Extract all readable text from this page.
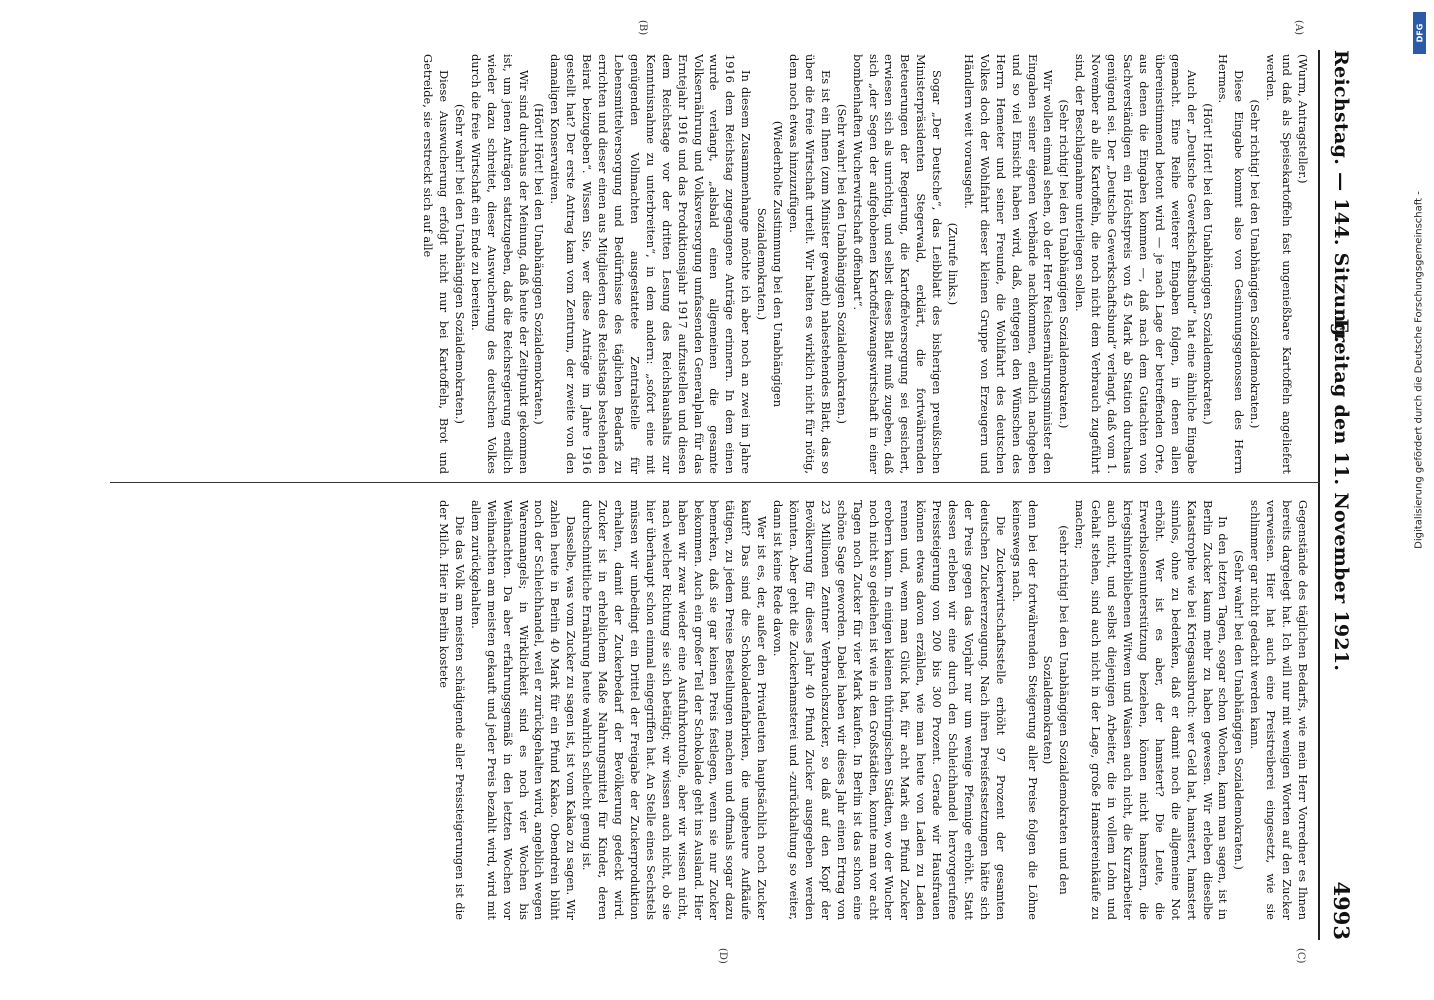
DFG
Digitalisierung gefördert durch die Deutsche Forschungsgemeinschaft -
Reichstag. — 144. Sitzung.
Freitag den 11. November 1921.
4993
(A)
(B)
(C)
(D)

(Wurm, Antragsteller.)

und daß als Speisekartoffeln fast ungenießbare Kartoffeln angeliefert werden.

(Sehr richtig! bei den Unabhängigen Sozialdemokraten.)

Diese Eingabe kommt also von Gesinnungsgenossen des Herrn Hermes.

(Hört! Hört! bei den Unabhängigen Sozialdemokraten.)

Auch der „Deutsche Gewerkschaftsbund“ hat eine ähnliche Eingabe gemacht. Eine Reihe weiterer Eingaben folgen, in denen allen übereinstimmend betont wird — je nach Lage der betreffenden Orte, aus denen die Eingaben kommen —, daß nach dem Gutachten von Sachverständigen ein Höchstpreis von 45 Mark ab Station durchaus genügend sei. Der „Deutsche Gewerkschaftsbund“ verlangt, daß vom 1. November ab alle Kartoffeln, die noch nicht dem Verbrauch zugeführt sind, der Beschlagnahme unterliegen sollen.

(Sehr richtig! bei den Unabhängigen Sozialdemokraten.)

Wir wollen einmal sehen, ob der Herr Reichsernährungsminister den Eingaben seiner eigenen Verbände nachkommen, endlich nachgeben und so viel Einsicht haben wird, daß, entgegen den Wünschen des Herrn Hemeter und seiner Freunde, die Wohlfahrt des deutschen Volkes doch der Wohlfahrt dieser kleinen Gruppe von Erzeugern und Händlern weit vorausgeht.

(Zurufe links.)

Sogar „Der Deutsche“, das Leibblatt des bisherigen preußischen Ministerpräsidenten Stegerwald, erklärt, die fortwährenden Beteuerungen der Regierung, die Kartoffelversorgung sei gesichert, erwiesen sich als unrichtig, und selbst dieses Blatt muß zugeben, daß sich „der Segen der aufgehobenen Kartoffelzwangswirtschaft in einer bombenhaften Wucherwirtschaft offenbart“.

(Sehr wahr! bei den Unabhängigen Sozialdemokraten.)

Es ist ein Ihnen (zum Minister gewandt) nahestehendes Blatt, das so über die freie Wirtschaft urteilt. Wir halten es wirklich nicht für nötig, dem noch etwas hinzuzufügen.

(Wiederholte Zustimmung bei den Unabhängigen Sozialdemokraten.)

In diesem Zusammenhange möchte ich aber noch an zwei im Jahre 1916 dem Reichstag zugegangene Anträge erinnern. In dem einen wurde verlangt, „alsbald einen allgemeinen die gesamte Volksernährung und Volksversorgung umfassenden Generalplan für das Erntejahr 1916 und das Produktionsjahr 1917 aufzustellen und diesen dem Reichstage vor der dritten Lesung des Reichshaushalts zur Kenntnisnahme zu unterbreiten“, in dem andern: „sofort eine mit genügenden Vollmachten ausgestattete Zentralstelle für Lebensmittelversorgung und Bedürfnisse des täglichen Bedarfs zu errichten und dieser einen aus Mitgliedern des Reichstags bestehenden Beirat beizugeben“. Wissen Sie, wer diese Anträge im Jahre 1916 gestellt hat? Der erste Antrag kam vom Zentrum, der zweite von den damaligen Konservativen.

(Hört! Hört! bei den Unabhängigen Sozialdemokraten.)

Wir sind durchaus der Meinung, daß heute der Zeitpunkt gekommen ist, um jenen Anträgen stattzugeben, daß die Reichsregierung endlich wieder dazu schreitet, dieser Auswucherung des deutschen Volkes durch die freie Wirtschaft ein Ende zu bereiten.

(Sehr wahr! bei den Unabhängigen Sozialdemokraten.)

Diese Auswucherung erfolgt nicht nur bei Kartoffeln, Brot und Getreide, sie erstreckt sich auf alle

Gegenstände des täglichen Bedarfs, wie mein Herr Vorredner es Ihnen bereits dargelegt hat. Ich will nur mit wenigen Worten auf den Zucker verweisen. Hier hat auch eine Preistreiberei eingesetzt, wie sie schlimmer gar nicht gedacht werden kann.

(Sehr wahr! bei den Unabhängigen Sozialdemokraten.)

In den letzten Tagen, sogar schon Wochen, kann man sagen, ist in Berlin Zucker kaum mehr zu haben gewesen. Wir erleben dieselbe Katastrophe wie bei Kriegsausbruch: wer Geld hat, hamstert, hamstert sinnlos, ohne zu bedenken, daß er damit noch die allgemeine Not erhöht. Wer ist es aber, der hamstert? Die Leute, die Erwerbslosenunterstützung beziehen, können nicht hamstern, die kriegshinterbliebenen Witwen und Waisen auch nicht, die Kurzarbeiter auch nicht, und selbst diejenigen Arbeiter, die in vollem Lohn und Gehalt stehen, sind auch nicht in der Lage, große Hamstereinkäufe zu machen;

(sehr richtig! bei den Unabhängigen Sozialdemokraten und den Sozialdemokraten)

denn bei der fortwährenden Steigerung aller Preise folgen die Löhne keineswegs nach.

Die Zuckerwirtschaftsstelle erhöht 97 Prozent der gesamten deutschen Zuckererzeugung. Nach ihren Preisfestsetzungen hätte sich der Preis gegen das Vorjahr nur um wenige Pfennige erhöht. Statt dessen erleben wir eine durch den Schleichhandel hervorgerufene Preissteigerung von 200 bis 300 Prozent. Gerade wir Hausfrauen können etwas davon erzählen, wie man heute von Laden zu Laden rennen und, wenn man Glück hat, für acht Mark ein Pfund Zucker erobern kann. In einigen kleinen thüringischen Städten, wo der Wucher noch nicht so gediehen ist wie in den Großstädten, konnte man vor acht Tagen noch Zucker für vier Mark kaufen. In Berlin ist das schon eine schöne Sage geworden. Dabei haben wir dieses Jahr einen Ertrag von 23 Millionen Zentner Verbrauchszucker, so daß auf den Kopf der Bevölkerung für dieses Jahr 40 Pfund Zucker ausgegeben werden könnten. Aber geht die Zuckerhamsterei und -zurückhaltung so weiter, dann ist keine Rede davon.

Wer ist es, der, außer den Privatleuten hauptsächlich noch Zucker kauft? Das sind die Schokoladenfabriken, die ungeheure Aufkäufe tätigen, zu jedem Preise Bestellungen machen und oftmals sogar dazu bemerken, daß sie gar keinen Preis festlegen, wenn sie nur Zucker bekommen. Auch ein großer Teil der Schokolade geht ins Ausland. Hier haben wir zwar wieder eine Ausfuhrkontrolle, aber wir wissen nicht, nach welcher Richtung sie sich betätigt; wir wissen auch nicht, ob sie hier überhaupt schon einmal eingegriffen hat. An Stelle eines Sechstels müssen wir unbedingt ein Drittel der Freigabe der Zuckerproduktion erhalten, damit der Zuckerbedarf der Bevölkerung gedeckt wird. Zucker ist in erheblichem Maße Nahrungsmittel für Kinder, deren durchschnittliche Ernährung heute wahrlich schlecht genug ist.

Dasselbe, was vom Zucker zu sagen ist, ist vom Kakao zu sagen. Wir zahlen heute in Berlin 40 Mark für ein Pfund Kakao. Obendrein blüht noch der Schleichhandel, weil er zurückgehalten wird, angeblich wegen Warenmangels; in Wirklichkeit sind es noch vier Wochen bis Weihnachten. Da aber erfahrungsgemäß in den letzten Wochen vor Weihnachten am meisten gekauft und jeder Preis bezahlt wird, wird mit allem zurückgehalten.

Die das Volk am meisten schädigende aller Preissteigerungen ist die der Milch. Hier in Berlin kostete
